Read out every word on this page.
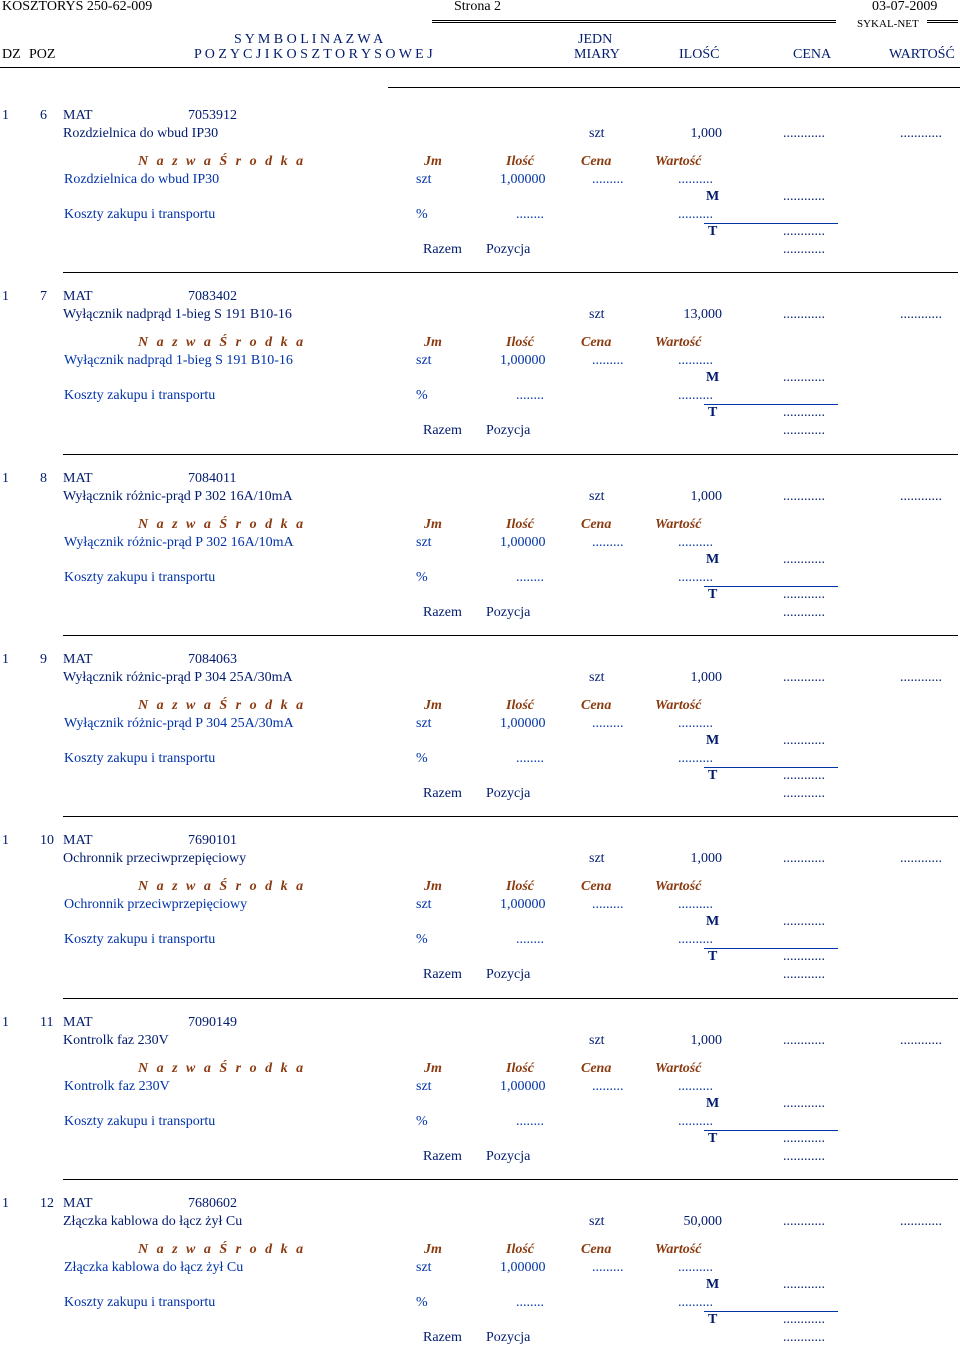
KOSZTORYS 250-62-009	Strona 2	03-07-2009
SYKAL-NET
S Y M B O L I N A Z W A	JEDN
DZ POZ	P O Z Y C J I K O S Z T O R Y S O W E J	MIARY	ILOŚĆ	CENA	WARTOŚĆ
1 6 MAT	7053912
Rozdzielnica do wbud IP30	szt	1,000	............	............
N a z w a Ś r o d k a	Jm	Ilość	Cena	Wartość
Rozdzielnica do wbud IP30	szt	1,00000	.........	..........
M	............
Koszty zakupu i transportu	%	........	..........
T	............
Razem Pozycja	............
1 7 MAT	7083402
Wyłącznik nadprąd 1-bieg S 191 B10-16	szt	13,000	............	............
N a z w a Ś r o d k a	Jm	Ilość	Cena	Wartość
Wyłącznik nadprąd 1-bieg S 191 B10-16	szt	1,00000	.........	..........
M	............
Koszty zakupu i transportu	%	........	..........
T	............
Razem Pozycja	............
1 8 MAT	7084011
Wyłącznik różnic-prąd P 302 16A/10mA	szt	1,000	............	............
N a z w a Ś r o d k a	Jm	Ilość	Cena	Wartość
Wyłącznik różnic-prąd P 302 16A/10mA	szt	1,00000	.........	..........
M	............
Koszty zakupu i transportu	%	........	..........
T	............
Razem Pozycja	............
1 9 MAT	7084063
Wyłącznik różnic-prąd P 304 25A/30mA	szt	1,000	............	............
N a z w a Ś r o d k a	Jm	Ilość	Cena	Wartość
Wyłącznik różnic-prąd P 304 25A/30mA	szt	1,00000	.........	..........
M	............
Koszty zakupu i transportu	%	........	..........
T	............
Razem Pozycja	............
1 10 MAT	7690101
Ochronnik przeciwprzepięciowy	szt	1,000	............	............
N a z w a Ś r o d k a	Jm	Ilość	Cena	Wartość
Ochronnik przeciwprzepięciowy	szt	1,00000	.........	..........
M	............
Koszty zakupu i transportu	%	........	..........
T	............
Razem Pozycja	............
1 11 MAT	7090149
Kontrolk faz 230V	szt	1,000	............	............
N a z w a Ś r o d k a	Jm	Ilość	Cena	Wartość
Kontrolk faz 230V	szt	1,00000	.........	..........
M	............
Koszty zakupu i transportu	%	........	..........
T	............
Razem Pozycja	............
1 12 MAT	7680602
Złączka kablowa do łącz żył Cu	szt	50,000	............	............
N a z w a Ś r o d k a	Jm	Ilość	Cena	Wartość
Złączka kablowa do łącz żył Cu	szt	1,00000	.........	..........
M	............
Koszty zakupu i transportu	%	........	..........
T	............
Razem Pozycja	............
